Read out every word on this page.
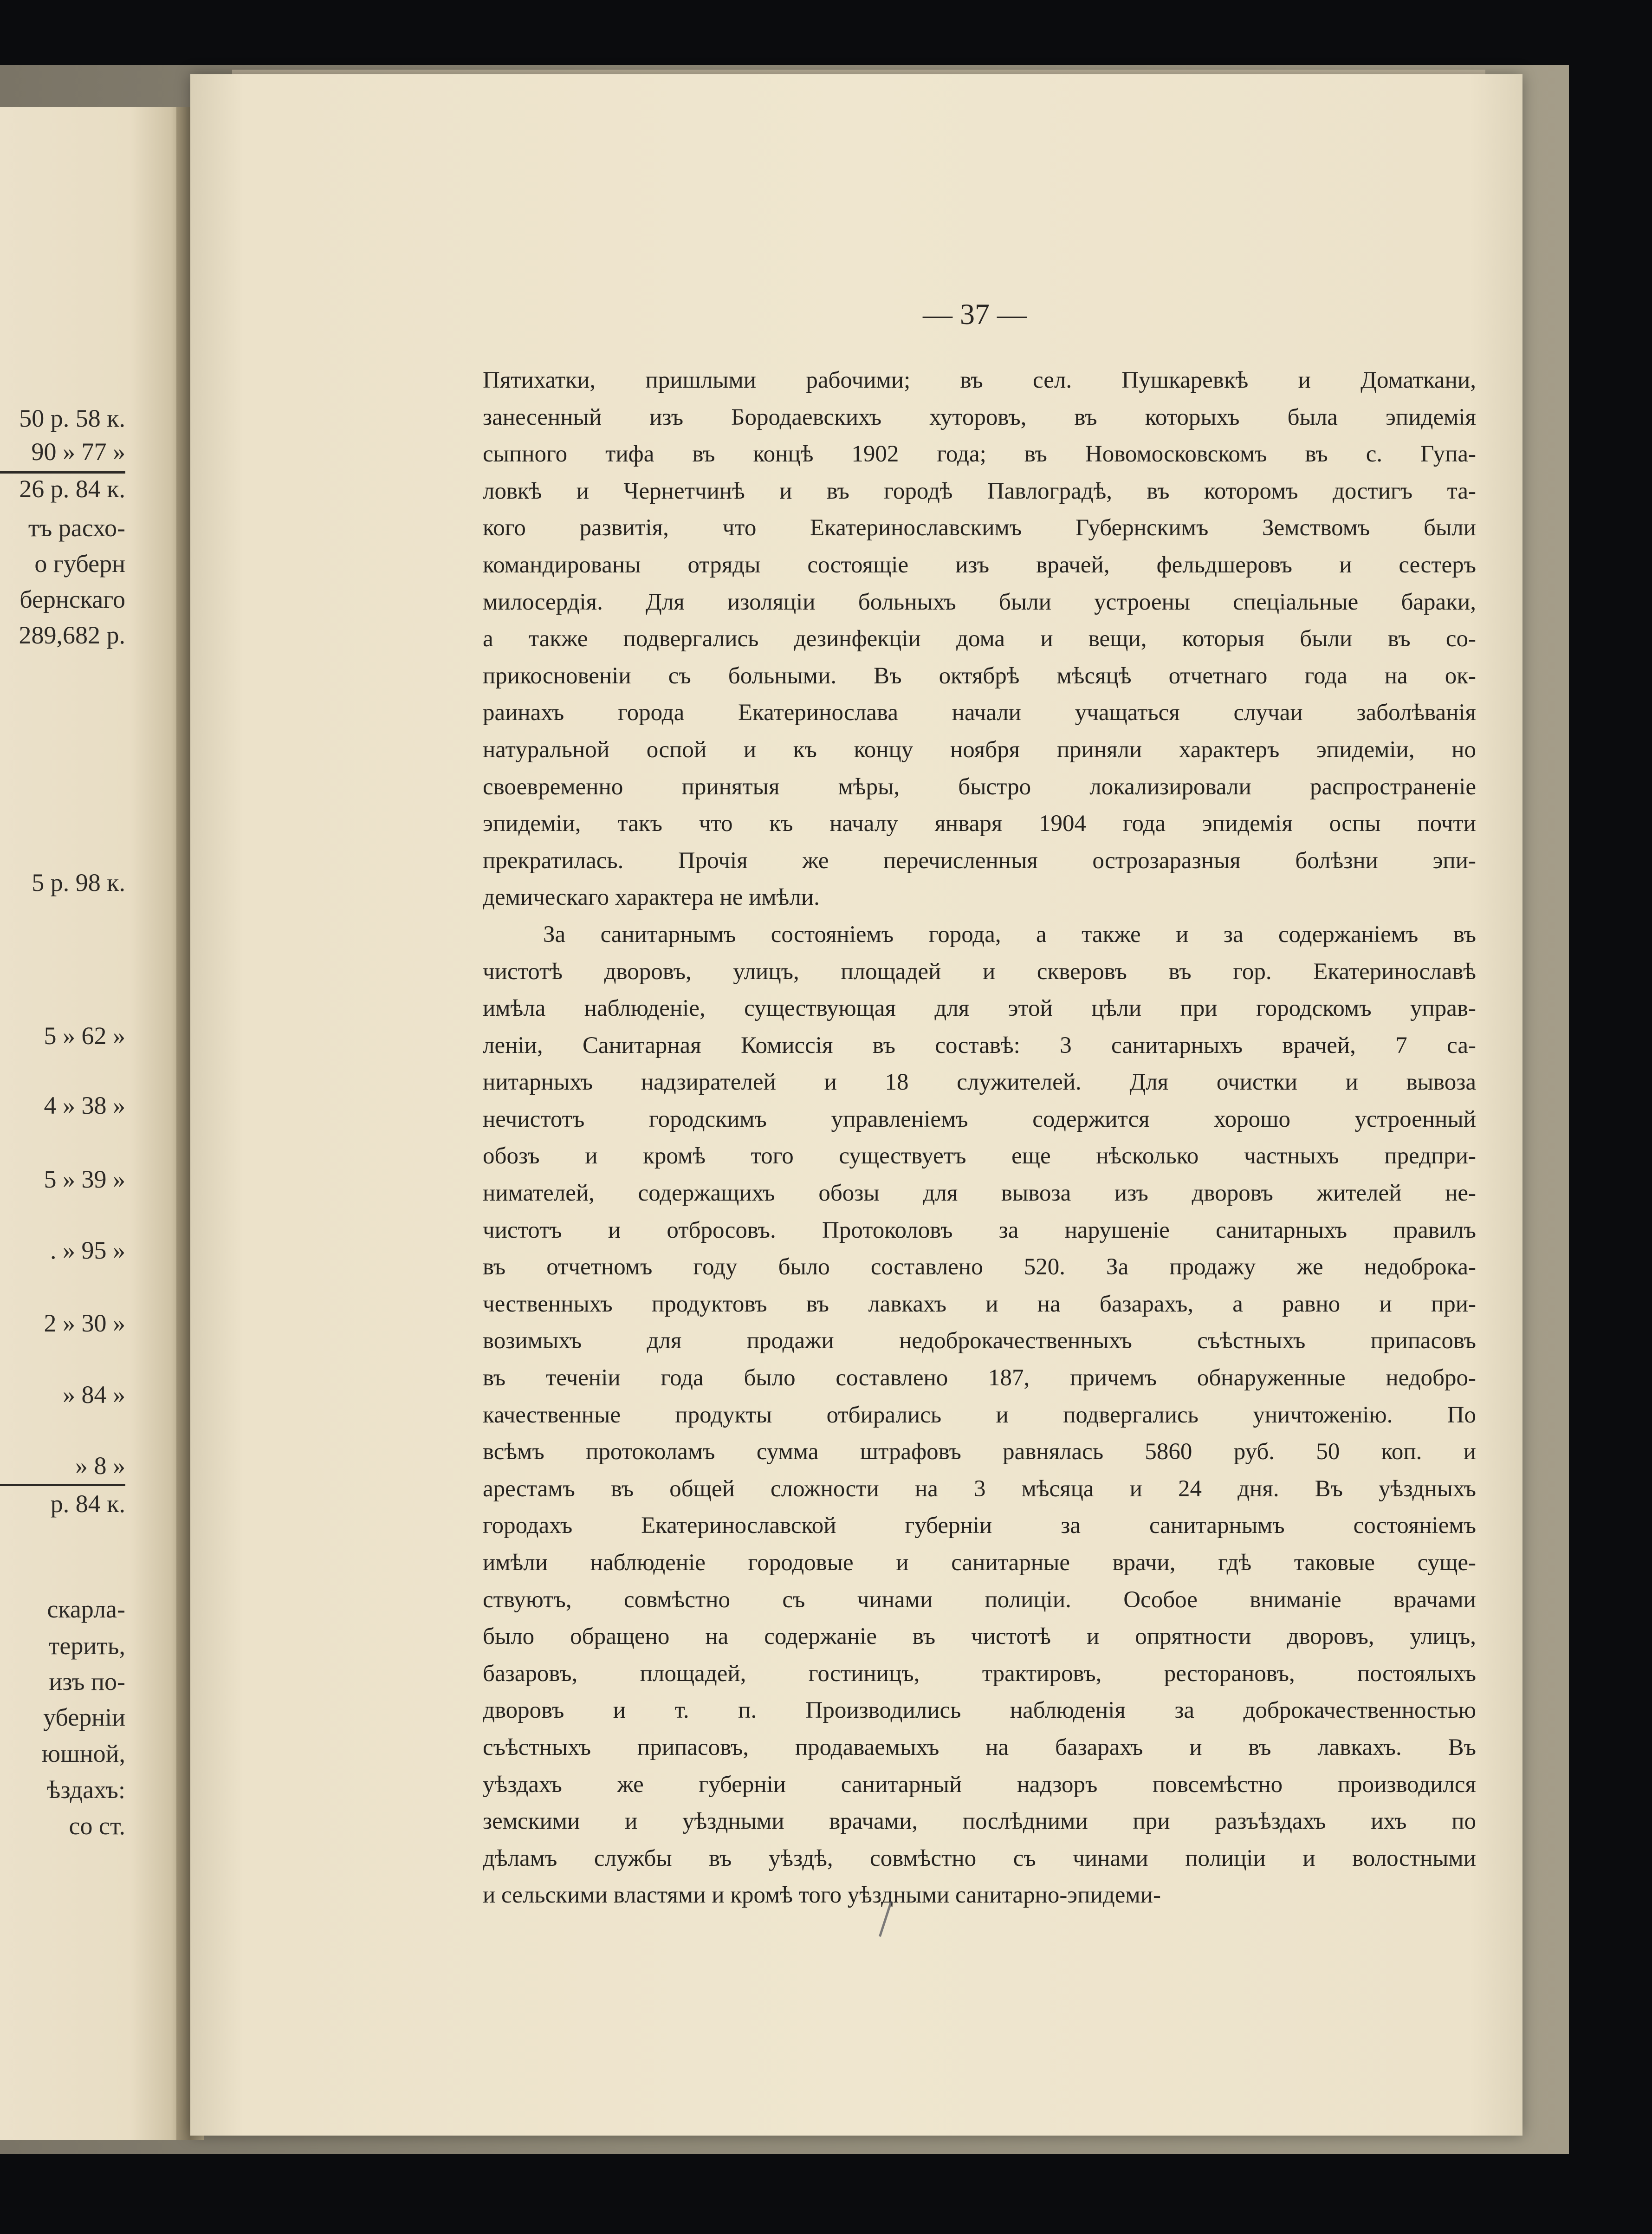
50 р. 58 к.
90 » 77 »
26 р. 84 к.
тъ расхо-
о губерн
бернскаго
289,682 р.
5 р. 98 к.
5 » 62 »
4 » 38 »
5 » 39 »
. » 95 »
2 » 30 »
» 84 »
» 8 »
р. 84 к.
скарла-
терить,
изъ по-
уберніи
юшной,
ѣздахъ:
со ст.
— 37 —
Пятихатки, пришлыми рабочими; въ сел. Пушкаревкѣ и Доматкани,
занесенный изъ Бородаевскихъ хуторовъ, въ которыхъ была эпидемія
сыпного тифа въ концѣ 1902 года; въ Новомосковскомъ въ с. Гупа-
ловкѣ и Чернетчинѣ и въ городѣ Павлоградѣ, въ которомъ достигъ та-
кого развитія, что Екатеринославскимъ Губернскимъ Земствомъ были
командированы отряды состоящіе изъ врачей, фельдшеровъ и сестеръ
милосердія. Для изоляціи больныхъ были устроены спеціальные бараки,
а также подвергались дезинфекціи дома и вещи, которыя были въ со-
прикосновеніи съ больными. Въ октябрѣ мѣсяцѣ отчетнаго года на ок-
раинахъ города Екатеринослава начали учащаться случаи заболѣванія
натуральной оспой и къ концу ноября приняли характеръ эпидеміи, но
своевременно принятыя мѣры, быстро локализировали распространеніе
эпидеміи, такъ что къ началу января 1904 года эпидемія оспы почти
прекратилась. Прочія же перечисленныя острозаразныя болѣзни эпи-
демическаго характера не имѣли.
За санитарнымъ состояніемъ города, а также и за содержаніемъ въ
чистотѣ дворовъ, улицъ, площадей и скверовъ въ гор. Екатеринославѣ
имѣла наблюденіе, существующая для этой цѣли при городскомъ управ-
леніи, Санитарная Комиссія въ составѣ: 3 санитарныхъ врачей, 7 са-
нитарныхъ надзирателей и 18 служителей. Для очистки и вывоза
нечистотъ городскимъ управленіемъ содержится хорошо устроенный
обозъ и кромѣ того существуетъ еще нѣсколько частныхъ предпри-
нимателей, содержащихъ обозы для вывоза изъ дворовъ жителей не-
чистотъ и отбросовъ. Протоколовъ за нарушеніе санитарныхъ правилъ
въ отчетномъ году было составлено 520. За продажу же недоброка-
чественныхъ продуктовъ въ лавкахъ и на базарахъ, а равно и при-
возимыхъ для продажи недоброкачественныхъ съѣстныхъ припасовъ
въ теченіи года было составлено 187, причемъ обнаруженные недобро-
качественные продукты отбирались и подвергались уничтоженію. По
всѣмъ протоколамъ сумма штрафовъ равнялась 5860 руб. 50 коп. и
арестамъ въ общей сложности на 3 мѣсяца и 24 дня. Въ уѣздныхъ
городахъ Екатеринославской губерніи за санитарнымъ состояніемъ
имѣли наблюденіе городовые и санитарные врачи, гдѣ таковые суще-
ствуютъ, совмѣстно съ чинами полиціи. Особое вниманіе врачами
было обращено на содержаніе въ чистотѣ и опрятности дворовъ, улицъ,
базаровъ, площадей, гостиницъ, трактировъ, ресторановъ, постоялыхъ
дворовъ и т. п. Производились наблюденія за доброкачественностью
съѣстныхъ припасовъ, продаваемыхъ на базарахъ и въ лавкахъ. Въ
уѣздахъ же губерніи санитарный надзоръ повсемѣстно производился
земскими и уѣздными врачами, послѣдними при разъѣздахъ ихъ по
дѣламъ службы въ уѣздѣ, совмѣстно съ чинами полиціи и волостными
и сельскими властями и кромѣ того уѣздными санитарно-эпидеми-
